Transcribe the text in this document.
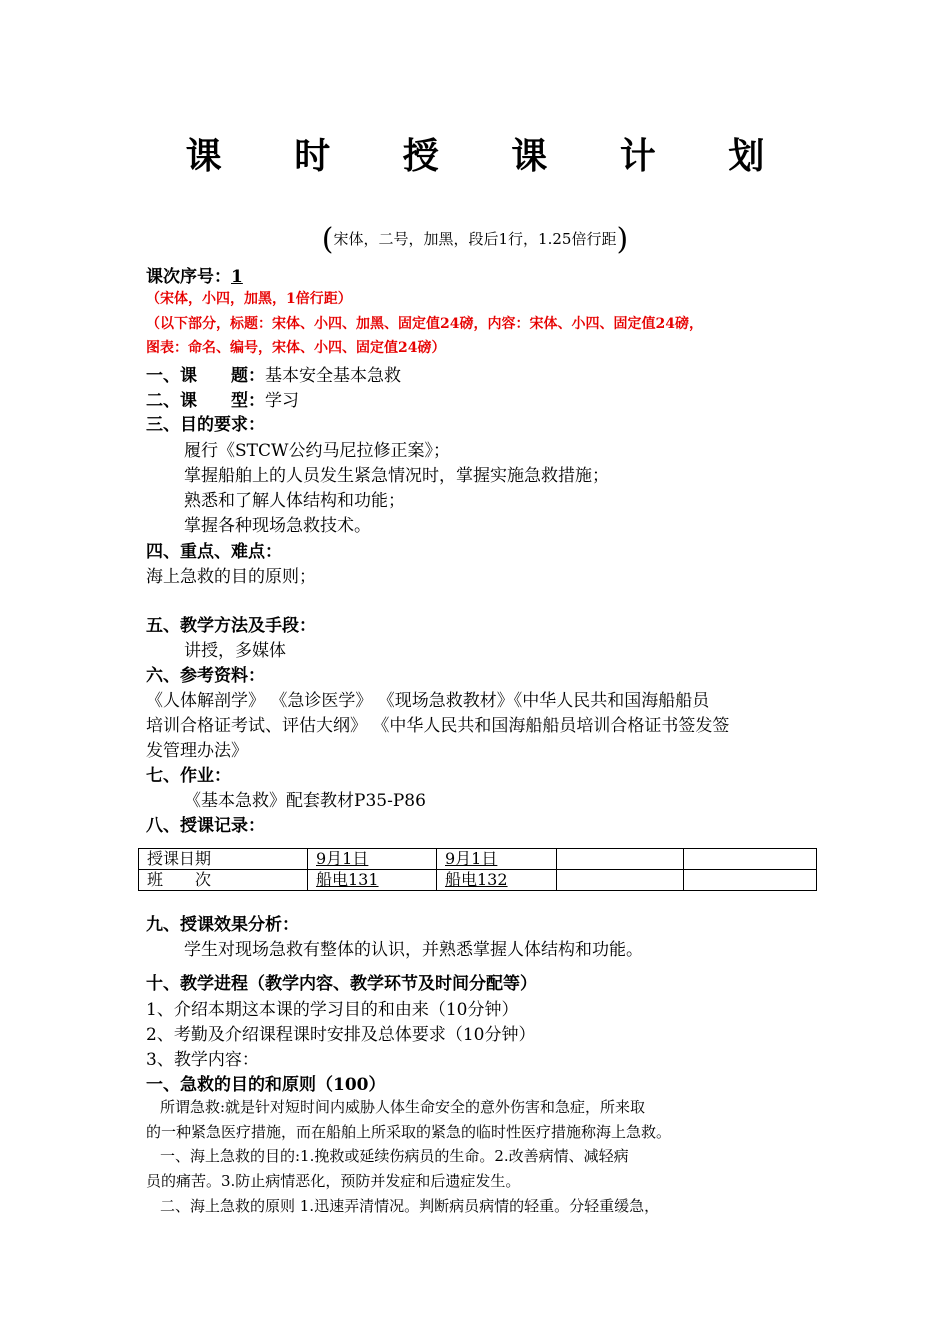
课 时 授 课 计 划
(宋体，二号，加黑，段后1行，1.25倍行距)
课次序号：1
（宋体，小四，加黑，1倍行距）
（以下部分，标题：宋体、小四、加黑、固定值24磅，内容：宋体、小四、固定值24磅，
图表：命名、编号，宋体、小四、固定值24磅）
一、课　　题：基本安全基本急救
二、课　　型：学习
三、目的要求：
履行《STCW公约马尼拉修正案》；
掌握船舶上的人员发生紧急情况时，掌握实施急救措施；
熟悉和了解人体结构和功能；
掌握各种现场急救技术。
四、重点、难点：
海上急救的目的原则；
五、教学方法及手段：
讲授，多媒体
六、参考资料：
《人体解剖学》 《急诊医学》 《现场急救教材》《中华人民共和国海船船员
培训合格证考试、评估大纲》 《中华人民共和国海船船员培训合格证书签发签
发管理办法》
七、作业：
《基本急救》配套教材P35-P86
八、授课记录：
授课日期	9月1日	9月1日		
班　　次	船电131	船电132		
九、授课效果分析：
学生对现场急救有整体的认识，并熟悉掌握人体结构和功能。
十、教学进程（教学内容、教学环节及时间分配等）
1、介绍本期这本课的学习目的和由来（10分钟）
2、考勤及介绍课程课时安排及总体要求（10分钟）
3、教学内容：
一、急救的目的和原则（100）
所谓急救:就是针对短时间内威胁人体生命安全的意外伤害和急症，所来取
的一种紧急医疗措施，而在船舶上所采取的紧急的临时性医疗措施称海上急救。
一、海上急救的目的:1.挽救或延续伤病员的生命。2.改善病情、减轻病
员的痛苦。3.防止病情恶化，预防并发症和后遗症发生。
二、海上急救的原则 1.迅速弄清情况。判断病员病情的轻重。分轻重缓急，
